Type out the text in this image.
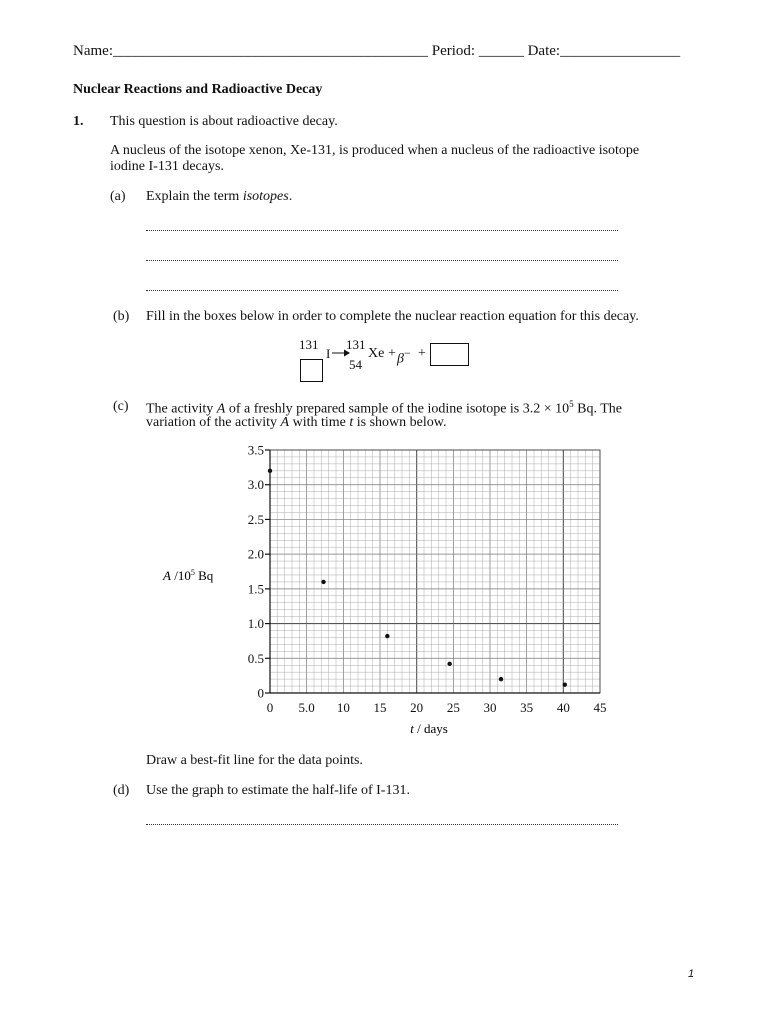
Name:__________________________________________ Period: ______ Date:________________
Nuclear Reactions and Radioactive Decay
1. This question is about radioactive decay.
A nucleus of the isotope xenon, Xe-131, is produced when a nucleus of the radioactive isotope
iodine I-131 decays.
(a) Explain the term isotopes.
(b) Fill in the boxes below in order to complete the nuclear reaction equation for this decay.
131
I →
131
54
Xe + β− +
(c) The activity A of a freshly prepared sample of the iodine isotope is $3.2 \times 10^5$ Bq. The
variation of the activity A with time t is shown below.
0
0.5
1.0
1.5
2.0
2.5
3.0
3.5
0 5.0 10 15 20 25 30 35 40 45
t / days
A $/10^5$ Bq
Draw a best-fit line for the data points.
(d) Use the graph to estimate the half-life of I-131.
1
